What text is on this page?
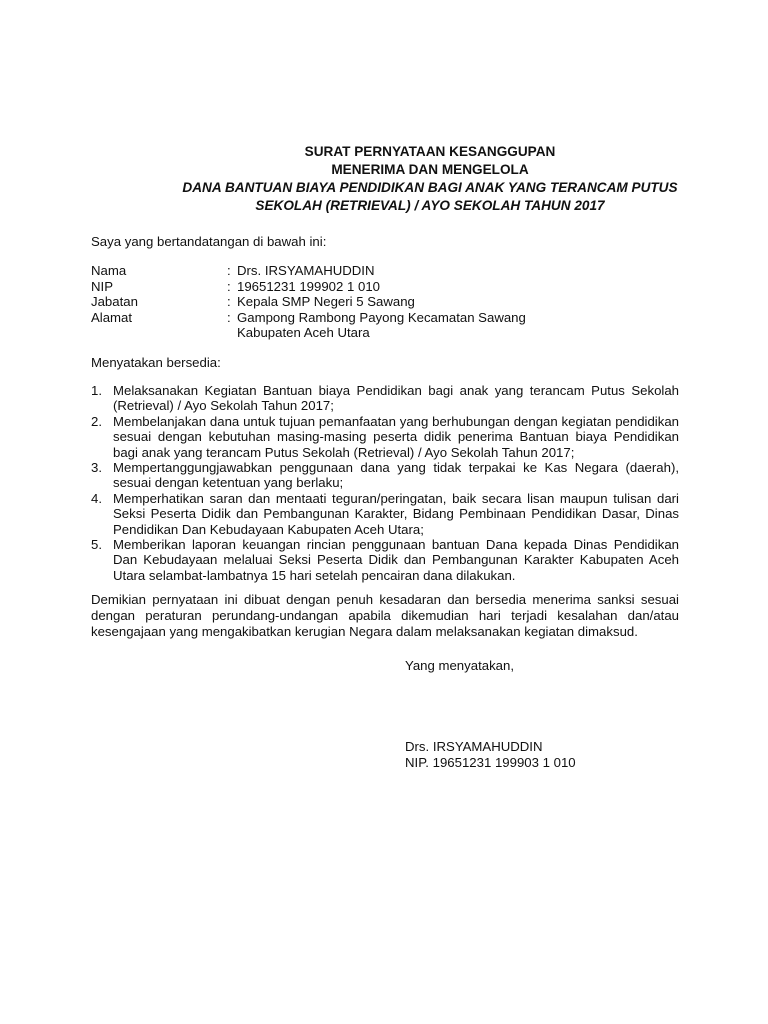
SURAT PERNYATAAN KESANGGUPAN
MENERIMA DAN MENGELOLA
DANA BANTUAN BIAYA PENDIDIKAN BAGI ANAK YANG TERANCAM PUTUS
SEKOLAH (RETRIEVAL) / AYO SEKOLAH TAHUN 2017
Saya yang bertandatangan di bawah ini:
Nama	: Drs. IRSYAMAHUDDIN
NIP	: 19651231 199902 1 010
Jabatan	: Kepala SMP Negeri 5 Sawang
Alamat	: Gampong Rambong Payong Kecamatan Sawang
Kabupaten Aceh Utara
Menyatakan bersedia:
1. Melaksanakan Kegiatan Bantuan biaya Pendidikan bagi anak yang terancam Putus Sekolah (Retrieval) / Ayo Sekolah Tahun 2017;
2. Membelanjakan dana untuk tujuan pemanfaatan yang berhubungan dengan kegiatan pendidikan sesuai dengan kebutuhan masing-masing peserta didik penerima Bantuan biaya Pendidikan bagi anak yang terancam Putus Sekolah (Retrieval) / Ayo Sekolah Tahun 2017;
3. Mempertanggungjawabkan penggunaan dana yang tidak terpakai ke Kas Negara (daerah), sesuai dengan ketentuan yang berlaku;
4. Memperhatikan saran dan mentaati teguran/peringatan, baik secara lisan maupun tulisan dari Seksi Peserta Didik dan Pembangunan Karakter, Bidang Pembinaan Pendidikan Dasar, Dinas Pendidikan Dan Kebudayaan Kabupaten Aceh Utara;
5. Memberikan laporan keuangan rincian penggunaan bantuan Dana kepada Dinas Pendidikan Dan Kebudayaan melaluai Seksi Peserta Didik dan Pembangunan Karakter Kabupaten Aceh Utara selambat-lambatnya 15 hari setelah pencairan dana dilakukan.
Demikian pernyataan ini dibuat dengan penuh kesadaran dan bersedia menerima sanksi sesuai dengan peraturan perundang-undangan apabila dikemudian hari terjadi kesalahan dan/atau kesengajaan yang mengakibatkan kerugian Negara dalam melaksanakan kegiatan dimaksud.
Yang menyatakan,
Drs. IRSYAMAHUDDIN
NIP. 19651231 199903 1 010
